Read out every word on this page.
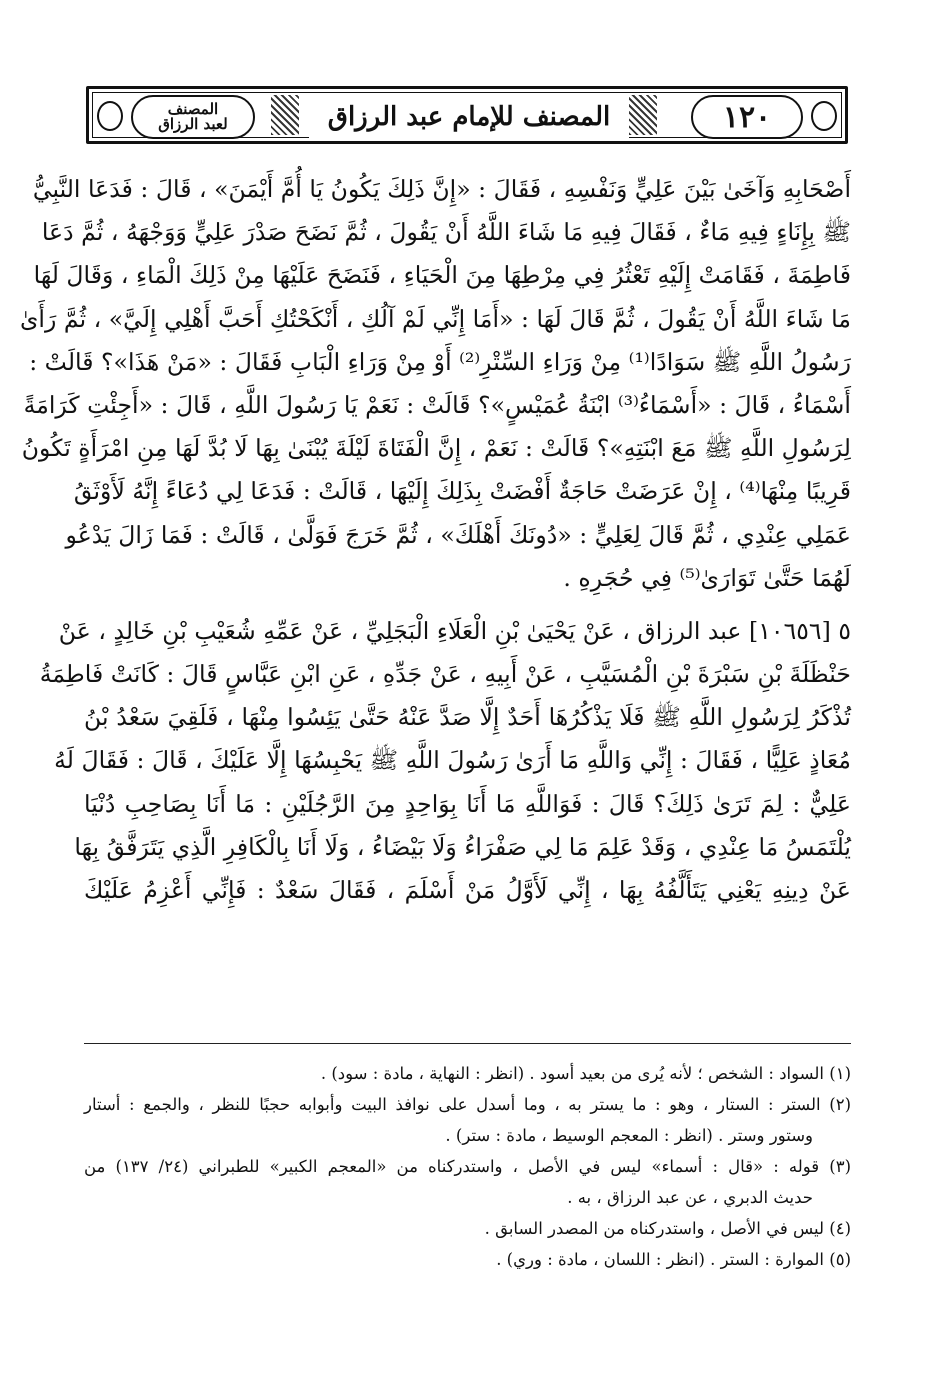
١٢٠
المصنف للإمام عبد الرزاق
المصنف
لعبد الرزاق
أَصْحَابِهِ وَآخَىٰ بَيْنَ عَلِيٍّ وَنَفْسِهِ ، فَقَالَ : «إِنَّ ذَلِكَ يَكُونُ يَا أُمَّ أَيْمَنَ» ، قَالَ : فَدَعَا النَّبِيُّ
ﷺ بِإِنَاءٍ فِيهِ مَاءٌ ، فَقَالَ فِيهِ مَا شَاءَ اللَّهُ أَنْ يَقُولَ ، ثُمَّ نَضَحَ صَدْرَ عَلِيٍّ وَوَجْهَهُ ، ثُمَّ دَعَا
فَاطِمَةَ ، فَقَامَتْ إِلَيْهِ تَعْثُرُ فِي مِرْطِهَا مِنَ الْحَيَاءِ ، فَنَضَحَ عَلَيْهَا مِنْ ذَلِكَ الْمَاءِ ، وَقَالَ لَهَا
مَا شَاءَ اللَّهُ أَنْ يَقُولَ ، ثُمَّ قَالَ لَهَا : «أَمَا إِنِّي لَمْ آلُكِ ، أَنْكَحْتُكِ أَحَبَّ أَهْلِي إِلَيَّ» ، ثُمَّ رَأَىٰ
رَسُولُ اللَّهِ ﷺ سَوَادًا⁽¹⁾ مِنْ وَرَاءِ السِّتْرِ⁽²⁾ أَوْ مِنْ وَرَاءِ الْبَابِ فَقَالَ : «مَنْ هَذَا»؟ قَالَتْ :
أَسْمَاءُ ، قَالَ : «أَسْمَاءُ⁽³⁾ ابْنَةُ عُمَيْسٍ»؟ قَالَتْ : نَعَمْ يَا رَسُولَ اللَّهِ ، قَالَ : «أَجِئْتِ كَرَامَةً
لِرَسُولِ اللَّهِ ﷺ مَعَ ابْنَتِهِ»؟ قَالَتْ : نَعَمْ ، إِنَّ الْفَتَاةَ لَيْلَةَ يُبْنَىٰ بِهَا لَا بُدَّ لَهَا مِنِ امْرَأَةٍ تَكُونُ
قَرِيبًا مِنْهَا⁽⁴⁾ ، إِنْ عَرَضَتْ حَاجَةٌ أَفْضَتْ بِذَلِكَ إِلَيْهَا ، قَالَتْ : فَدَعَا لِي دُعَاءً إِنَّهُ لَأَوْثَقُ
عَمَلِي عِنْدِي ، ثُمَّ قَالَ لِعَلِيٍّ : «دُونَكَ أَهْلَكَ» ، ثُمَّ خَرَجَ فَوَلَّىٰ ، قَالَتْ : فَمَا زَالَ يَدْعُو
لَهُمَا حَتَّىٰ تَوَارَىٰ⁽⁵⁾ فِي حُجَرِهِ .
٥ [١٠٦٥٦] عبد الرزاق ، عَنْ يَحْيَىٰ بْنِ الْعَلَاءِ الْبَجَلِيِّ ، عَنْ عَمِّهِ شُعَيْبِ بْنِ خَالِدٍ ، عَنْ
حَنْظَلَةَ بْنِ سَبْرَةَ بْنِ الْمُسَيَّبِ ، عَنْ أَبِيهِ ، عَنْ جَدِّهِ ، عَنِ ابْنِ عَبَّاسٍ قَالَ : كَانَتْ فَاطِمَةُ
تُذْكَرُ لِرَسُولِ اللَّهِ ﷺ فَلَا يَذْكُرُهَا أَحَدٌ إِلَّا صَدَّ عَنْهُ حَتَّىٰ يَئِسُوا مِنْهَا ، فَلَقِيَ سَعْدُ بْنُ
مُعَاذٍ عَلِيًّا ، فَقَالَ : إِنِّي وَاللَّهِ مَا أَرَىٰ رَسُولَ اللَّهِ ﷺ يَحْبِسُهَا إِلَّا عَلَيْكَ ، قَالَ : فَقَالَ لَهُ
عَلِيٌّ : لِمَ تَرَىٰ ذَلِكَ؟ قَالَ : فَوَاللَّهِ مَا أَنَا بِوَاحِدٍ مِنَ الرَّجُلَيْنِ : مَا أَنَا بِصَاحِبِ دُنْيَا
يُلْتَمَسُ مَا عِنْدِي ، وَقَدْ عَلِمَ مَا لِي صَفْرَاءُ وَلَا بَيْضَاءُ ، وَلَا أَنَا بِالْكَافِرِ الَّذِي يَتَرَفَّقُ بِهَا
عَنْ دِينِهِ يَعْنِي يَتَأَلَّفُهُ بِهَا ، إِنِّي لَأَوَّلُ مَنْ أَسْلَمَ ، فَقَالَ سَعْدٌ : فَإِنِّي أَعْزِمُ عَلَيْكَ
(١) السواد : الشخص ؛ لأنه يُرى من بعيد أسود . (انظر : النهاية ، مادة : سود) .
(٢) الستر : الستار ، وهو : ما يستر به ، وما أسدل على نوافذ البيت وأبوابه حجبًا للنظر ، والجمع : أستار
وستور وستر . (انظر : المعجم الوسيط ، مادة : ستر) .
(٣) قوله : «قال : أسماء» ليس في الأصل ، واستدركناه من «المعجم الكبير» للطبراني (٢٤/ ١٣٧) من
حديث الدبري ، عن عبد الرزاق ، به .
(٤) ليس في الأصل ، واستدركناه من المصدر السابق .
(٥) الموارة : الستر . (انظر : اللسان ، مادة : وري) .
